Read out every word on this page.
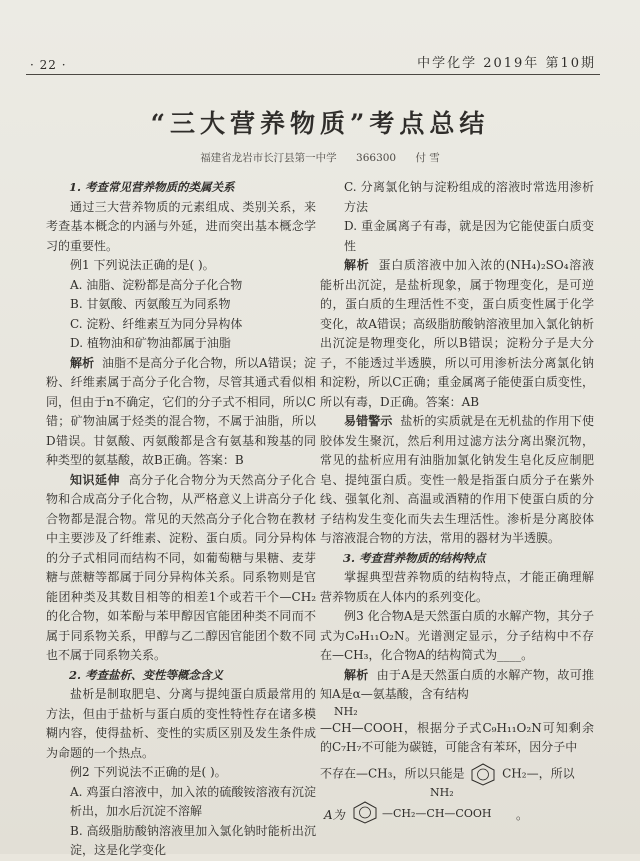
· 22 ·	中学化学 2019年 第10期
“三大营养物质”考点总结
福建省龙岩市长汀县第一中学 366300 付 雪

1. 考查常见营养物质的类属关系

通过三大营养物质的元素组成、类别关系，来考查基本概念的内涵与外延，进而突出基本概念学习的重要性。

例1 下列说法正确的是( )。

A. 油脂、淀粉都是高分子化合物

B. 甘氨酸、丙氨酸互为同系物

C. 淀粉、纤维素互为同分异构体

D. 植物油和矿物油都属于油脂

解析 油脂不是高分子化合物，所以A错误；淀粉、纤维素属于高分子化合物，尽管其通式看似相同，但由于n不确定，它们的分子式不相同，所以C错；矿物油属于烃类的混合物，不属于油脂，所以D错误。甘氨酸、丙氨酸都是含有氨基和羧基的同种类型的氨基酸，故B正确。答案：B

知识延伸 高分子化合物分为天然高分子化合物和合成高分子化合物，从严格意义上讲高分子化合物都是混合物。常见的天然高分子化合物在教材中主要涉及了纤维素、淀粉、蛋白质。同分异构体的分子式相同而结构不同，如葡萄糖与果糖、麦芽糖与蔗糖等都属于同分异构体关系。同系物则是官能团种类及其数目相等的相差1个或若干个—CH₂的化合物，如苯酚与苯甲醇因官能团种类不同而不属于同系物关系，甲醇与乙二醇因官能团个数不同也不属于同系物关系。

2. 考查盐析、变性等概念含义

盐析是制取肥皂、分离与提纯蛋白质最常用的方法，但由于盐析与蛋白质的变性特性存在诸多模糊内容，使得盐析、变性的实质区别及发生条件成为命题的一个热点。

例2 下列说法不正确的是( )。

A. 鸡蛋白溶液中，加入浓的硫酸铵溶液有沉淀析出，加水后沉淀不溶解

B. 高级脂肪酸钠溶液里加入氯化钠时能析出沉淀，这是化学变化

C. 分离氯化钠与淀粉组成的溶液时常选用渗析方法

D. 重金属离子有毒，就是因为它能使蛋白质变性

解析 蛋白质溶液中加入浓的(NH₄)₂SO₄溶液能析出沉淀，是盐析现象，属于物理变化，是可逆的，蛋白质的生理活性不变，蛋白质变性属于化学变化，故A错误；高级脂肪酸钠溶液里加入氯化钠析出沉淀是物理变化，所以B错误；淀粉分子是大分子，不能透过半透膜，所以可用渗析法分离氯化钠和淀粉，所以C正确；重金属离子能使蛋白质变性，所以有毒，D正确。答案：AB

易错警示 盐析的实质就是在无机盐的作用下使胶体发生聚沉，然后利用过滤方法分离出聚沉物，常见的盐析应用有油脂加氯化钠发生皂化反应制肥皂、提纯蛋白质。变性一般是指蛋白质分子在紫外线、强氧化剂、高温或酒精的作用下使蛋白质的分子结构发生变化而失去生理活性。渗析是分离胶体与溶液混合物的方法，常用的器材为半透膜。

3. 考查营养物质的结构特点

掌握典型营养物质的结构特点，才能正确理解营养物质在人体内的系列变化。

例3 化合物A是天然蛋白质的水解产物，其分子式为C₉H₁₁O₂N。光谱测定显示，分子结构中不存在—CH₃，化合物A的结构简式为____。

解析 由于A是天然蛋白质的水解产物，故可推知A是α—氨基酸，含有结构

NH₂

—CH—COOH，根据分子式C₉H₁₁O₂N可知剩余的C₇H₇不可能为碳链，可能含有苯环，因分子中

不存在—CH₃，所以只能是	CH₂—，所以

NH₂
A为	—CH₂—CH—COOH 。
